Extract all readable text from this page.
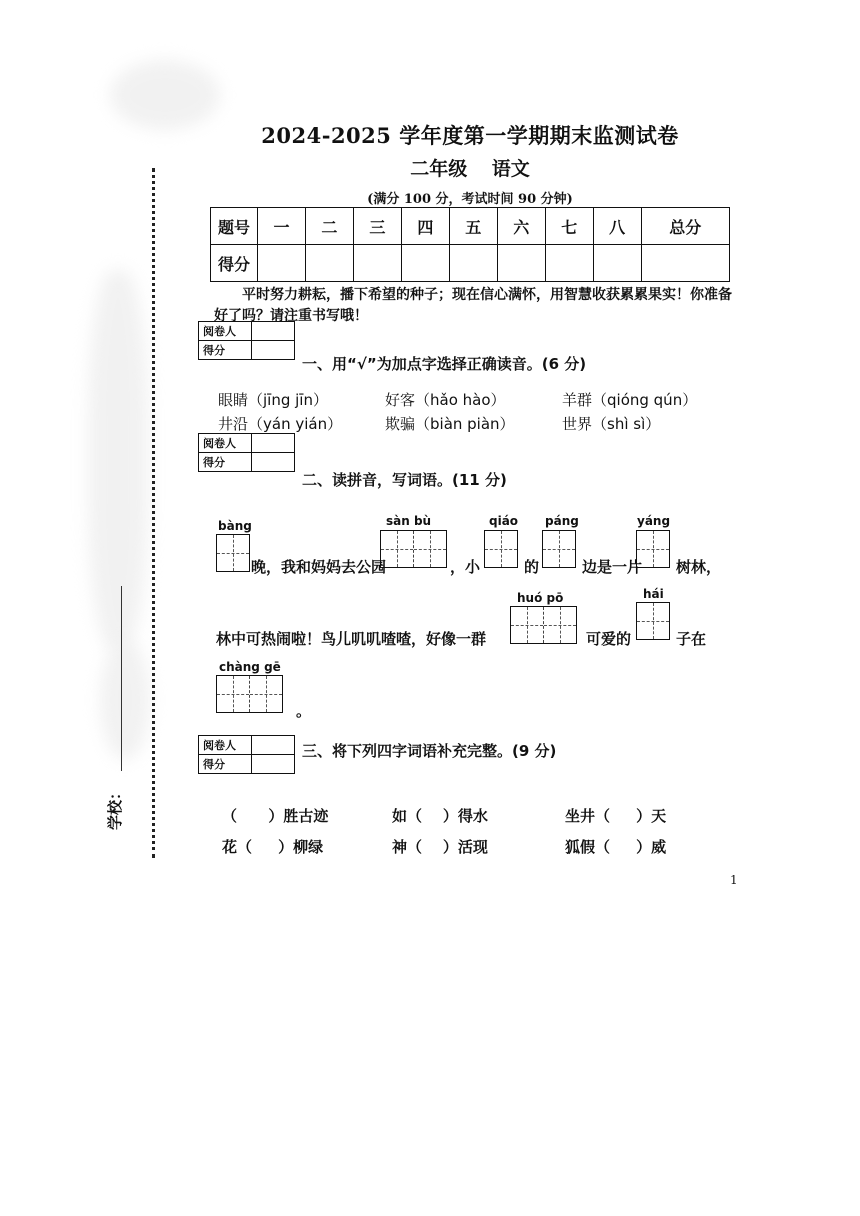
学校：
2024-2025 学年度第一学期期末监测试卷
二年级 语文
(满分 100 分，考试时间 90 分钟)
题号	一	二	三	四	五	六	七	八	总分
得分									
平时努力耕耘，播下希望的种子；现在信心满怀，用智慧收获累累果实！你准备好了吗？请注重书写哦！
阅卷人	
得分	
一、用“√”为加点字选择正确读音。(6 分)
眼睛（jīng jīn）	好客（hǎo hào）	羊群（qióng qún）
井沿（yán yián）	欺骗（biàn piàn）	世界（shì sì）
阅卷人	
得分	
二、读拼音，写词语。(11 分)
bàng
晚，我和妈妈去公园
sàn bù
，小
qiáo
的
páng
边是一片
yáng
树林，
林中可热闹啦！鸟儿叽叽喳喳，好像一群
huó pō
可爱的
hái
子在
chàng gē
。
阅卷人	
得分	
三、将下列四字词语补充完整。(9 分)
（      ）胜古迹	如（    ）得水	坐井（     ）天
花（     ）柳绿	神（    ）活现	狐假（     ）威
1
